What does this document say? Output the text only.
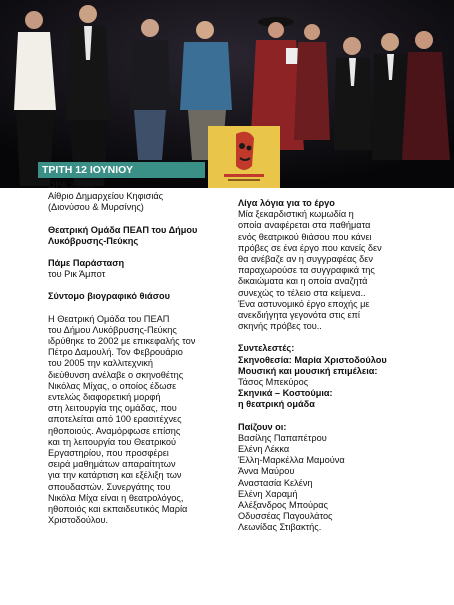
ΤΡΙΤΗ 12 ΙΟΥΝΙΟΥ
ΩΡΑ 21:00
Αίθριο Δημαρχείου Κηφισιάς
(Διονύσου & Μυρσίνης)
Θεατρική Ομάδα ΠΕΑΠ του Δήμου
Λυκόβρυσης-Πεύκης
Πάμε Παράσταση
του Ρικ Άμποτ
Σύντομο βιογραφικό θιάσου
Η Θεατρική Ομάδα του ΠΕΑΠ
του Δήμου Λυκόβρυσης-Πεύκης
ιδρύθηκε το 2002 με επικεφαλής τον
Πέτρο Δαμουλή. Τον Φεβρουάριο
του 2005 την καλλιτεχνική
διεύθυνση ανέλαβε ο σκηνοθέτης
Νικόλας Μίχας, ο οποίος έδωσε
εντελώς διαφορετική μορφή
στη λειτουργία της ομάδας, που
αποτελείται από 100 ερασιτέχνες
ηθοποιούς. Αναμόρφωσε επίσης
και τη λειτουργία του Θεατρικού
Εργαστηρίου, που προσφέρει
σειρά μαθημάτων απαραίτητων
για την κατάρτιση και εξέλιξη των
σπουδαστών. Συνεργάτης του
Νικόλα Μίχα είναι η θεατρολόγος,
ηθοποιός και εκπαιδευτικός Μαρία
Χριστοδούλου.
Λίγα λόγια για το έργο
Μία ξεκαρδιστική κωμωδία η
οποία αναφέρεται στα παθήματα
ενός θεατρικού θιάσου που κάνει
πρόβες σε ένα έργο που κανείς δεν
θα ανέβαζε αν η συγγραφέας δεν
παραχωρούσε τα συγγραφικά της
δικαιώματα και η οποία αναζητά
συνεχώς το τέλειο στα κείμενα..
Ένα αστυνομικό έργο εποχής με
ανεκδιήγητα γεγονότα στις επί
σκηνής πρόβες του..
Συντελεστές:
Σκηνοθεσία: Μαρία Χριστοδούλου
Μουσική και μουσική επιμέλεια:
Τάσος Μπεκύρος
Σκηνικά – Κοστούμια:
η θεατρική ομάδα
Παίζουν οι:
Βασίλης Παπαπέτρου
Ελένη Λέκκα
Έλλη-Μαρκέλλα Μαμούνα
Άννα Μαύρου
Αναστασία Κελένη
Ελένη Χαραμή
Αλέξανδρος Μπούρας
Οδυσσέας Παγουλάτος
Λεωνίδας Στιβακτής.
